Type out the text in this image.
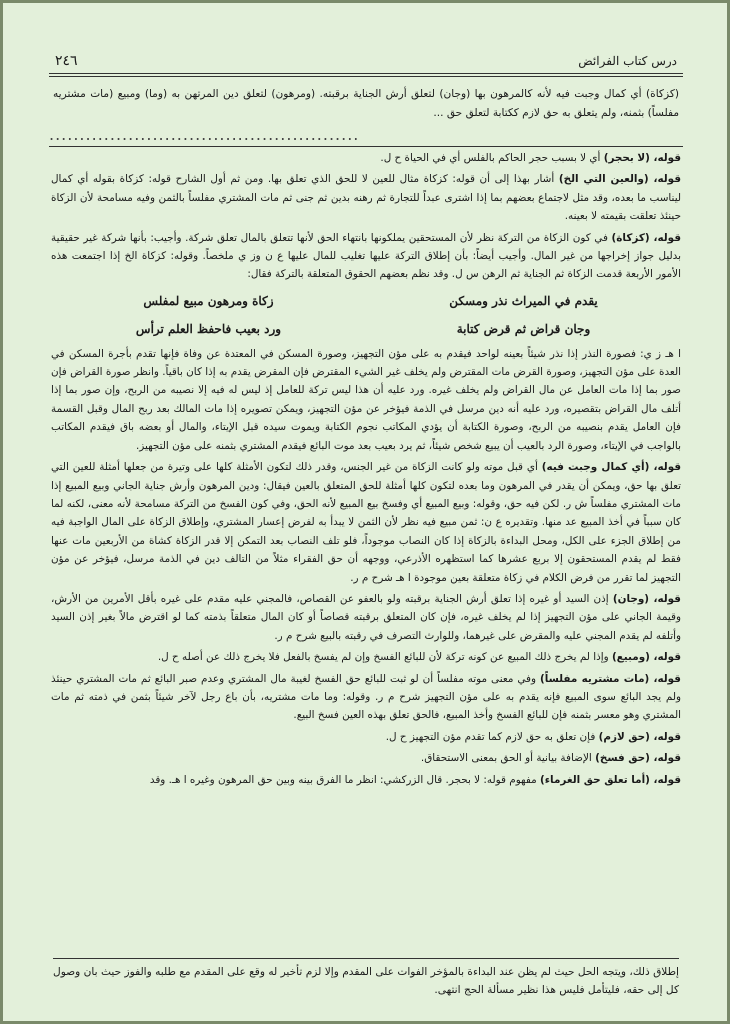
درس كتاب الفرائض
٢٤٦
(كزكاة) أي كمال وجبت فيه لأنه كالمرهون بها (وجان) لتعلق أرش الجناية برقبته. (ومرهون) لتعلق دين المرتهن به (وما) ومبيع (مات مشتريه مفلساً) بثمنه، ولم يتعلق به حق لازم ككتابة لتعلق حق ...
...................................................

قوله، (لا بحجر) أي لا بسبب حجر الحاكم بالفلس أي في الحياة ح ل.

قوله، (والعين التي الخ) أشار بهذا إلى أن قوله: كزكاة مثال للعين لا للحق الذي تعلق بها. ومن ثم أول الشارح قوله: كزكاة بقوله أي كمال ليناسب ما بعده، وقد مثل لاجتماع بعضهم بما إذا اشترى عبداً للتجارة ثم رهنه بدين ثم جنى ثم مات المشتري مفلساً بالثمن وفيه مسامحة لأن الزكاة حينئذ تعلقت بقيمته لا بعينه.

قوله، (كزكاة) في كون الزكاة من التركة نظر لأن المستحقين يملكونها بانتهاء الحق لأنها تتعلق بالمال تعلق شركة. وأجيب: بأنها شركة غير حقيقية بدليل جواز إخراجها من غير المال. وأجيب أيضاً: بأن إطلاق التركة عليها تغليب للمال عليها ع ن وز ي ملخصاً. وقوله: كزكاة الخ إذا اجتمعت هذه الأمور الأربعة قدمت الزكاة ثم الجناية ثم الرهن س ل. وقد نظم بعضهم الحقوق المتعلقة بالتركة فقال:

يقدم في الميراث نذر ومسكن
زكاة ومرهون مبيع لمفلس
وجان قراض ثم قرض كتابة
ورد بعيب فاحفظ العلم ترأس

ا هـ ز ي: فصورة النذر إذا نذر شيئاً بعينه لواحد فيقدم به على مؤن التجهيز، وصورة المسكن في المعتدة عن وفاة فإنها تقدم بأجرة المسكن في العدة على مؤن التجهيز، وصورة القرض مات المقترض ولم يخلف غير الشيء المقترض فإن المقرض يقدم به إذا كان باقياً. وانظر صورة القراض فإن صور بما إذا مات العامل عن مال القراض ولم يخلف غيره. ورد عليه أن هذا ليس تركة للعامل إذ ليس له فيه إلا نصيبه من الربح، وإن صور بما إذا أتلف مال القراض بتقصيره، ورد عليه أنه دين مرسل في الذمة فيؤخر عن مؤن التجهيز، ويمكن تصويره إذا مات المالك بعد ربح المال وقبل القسمة فإن العامل يقدم بنصيبه من الربح، وصورة الكتابة أن يؤدي المكاتب نجوم الكتابة ويموت سيده قبل الإيتاء، والمال أو بعضه باق فيقدم المكاتب بالواجب في الإيتاء، وصورة الرد بالعيب أن يبيع شخص شيئاً، ثم يرد بعيب بعد موت البائع فيقدم المشتري بثمنه على مؤن التجهيز.

قوله، (أي كمال وجبت فيه) أي قبل موته ولو كانت الزكاة من غير الجنس، وقدر ذلك لتكون الأمثلة كلها على وتيرة من جعلها أمثلة للعين التي تعلق بها حق، ويمكن أن يقدر في المرهون وما بعده لتكون كلها أمثلة للحق المتعلق بالعين فيقال: ودين المرهون وأرش جناية الجاني وبيع المبيع إذا مات المشتري مفلساً ش ر. لكن فيه حق، وقوله: وبيع المبيع أي وفسخ بيع المبيع لأنه الحق، وفي كون الفسخ من التركة مسامحة لأنه معنى، لكنه لما كان سبباً في أخذ المبيع عد منها. وتقديره ع ن: ثمن مبيع فيه نظر لأن الثمن لا يبدأ به لفرض إعسار المشتري، وإطلاق الزكاة على المال الواجبة فيه من إطلاق الجزء على الكل، ومحل البداءة بالزكاة إذا كان النصاب موجوداً، فلو تلف النصاب بعد التمكن إلا قدر الزكاة كشاة من الأربعين مات عنها فقط لم يقدم المستحقون إلا بربع عشرها كما استظهره الأذرعي، ووجهه أن حق الفقراء مثلاً من التالف دين في الذمة مرسل، فيؤخر عن مؤن التجهيز لما تقرر من فرض الكلام في زكاة متعلقة بعين موجودة ا هـ شرح م ر.

قوله، (وجان) إذن السيد أو غيره إذا تعلق أرش الجناية برقبته ولو بالعفو عن القصاص، فالمجني عليه مقدم على غيره بأقل الأمرين من الأرش، وقيمة الجاني على مؤن التجهيز إذا لم يخلف غيره، فإن كان المتعلق برقبته قصاصاً أو كان المال متعلقاً بذمته كما لو اقترض مالاً بغير إذن السيد وأتلفه لم يقدم المجني عليه والمقرض على غيرهما، وللوارث التصرف في رقبته بالبيع شرح م ر.

قوله، (ومبيع) وإذا لم يخرج ذلك المبيع عن كونه تركة لأن للبائع الفسخ وإن لم يفسخ بالفعل فلا يخرج ذلك عن أصله ح ل.

قوله، (مات مشتريه مفلساً) وفي معنى موته مفلساً أن لو ثبت للبائع حق الفسخ لغيبة مال المشتري وعدم صبر البائع ثم مات المشتري حينئذ ولم يجد البائع سوى المبيع فإنه يقدم به على مؤن التجهيز شرح م ر. وقوله: وما مات مشتريه، بأن باع رجل لآخر شيئاً بثمن في ذمته ثم مات المشتري وهو معسر بثمنه فإن للبائع الفسخ وأخذ المبيع، فالحق تعلق بهذه العين فسخ البيع.

قوله، (حق لازم) فإن تعلق به حق لازم كما تقدم مؤن التجهيز ح ل.

قوله، (حق فسخ) الإضافة بيانية أو الحق بمعنى الاستحقاق.

قوله، (أما تعلق حق الغرماء) مفهوم قوله: لا بحجر. قال الزركشي: انظر ما الفرق بينه وبين حق المرهون وغيره ا هـ. وقد

إطلاق ذلك، ويتجه الحل حيث لم يظن عند البداءة بالمؤخر الفوات على المقدم وإلا لزم تأخير له وقع على المقدم مع طلبه والفوز حيث بان وصول كل إلى حقه، فليتأمل فليس هذا نظير مسألة الحج انتهى.
